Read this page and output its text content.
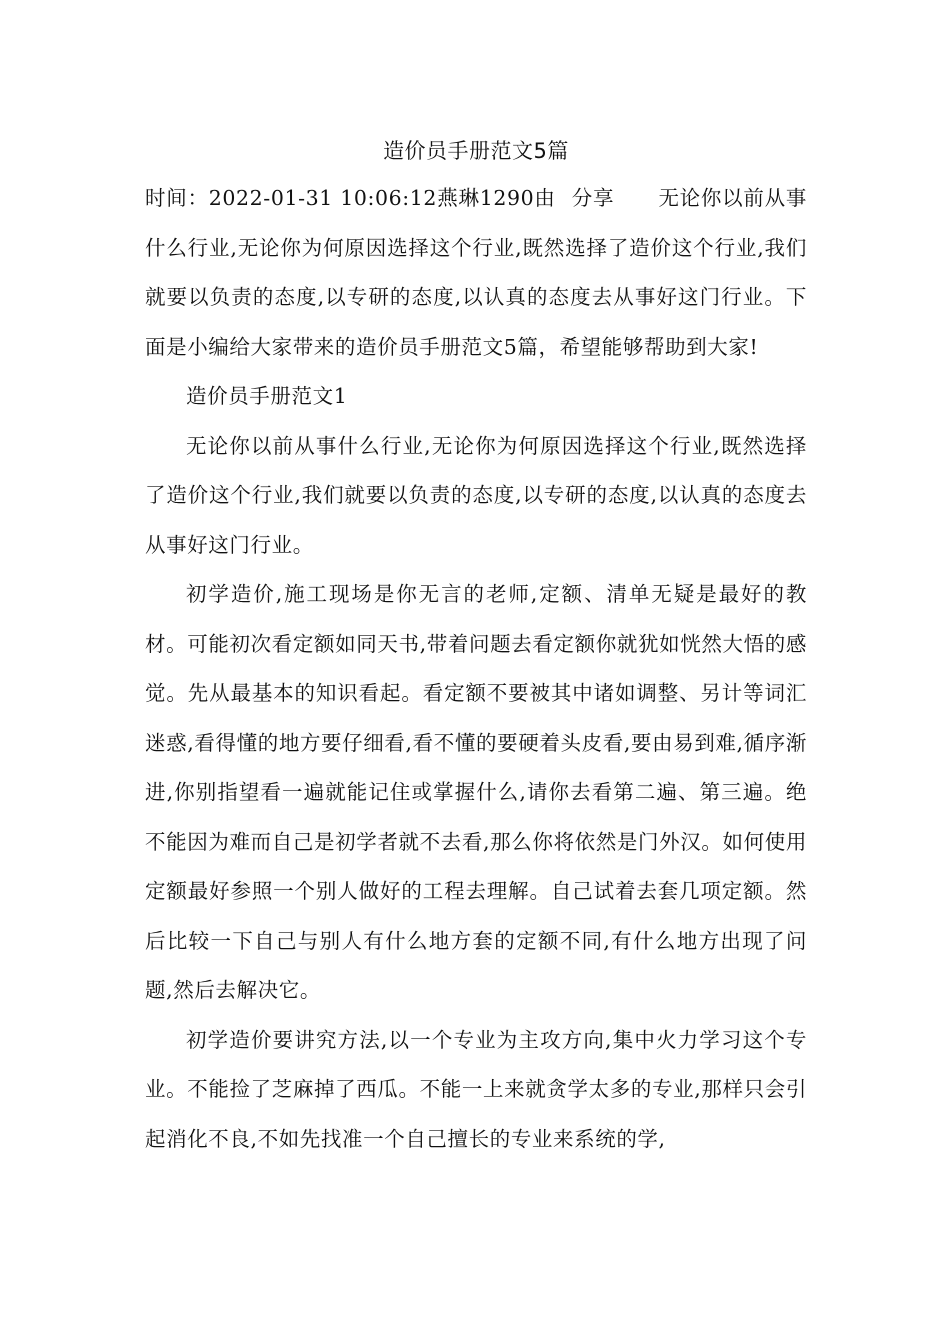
造价员手册范文5篇

时间：2022-01-31 10:06:12燕琳1290由 分享 无论你以前从事什么行业,无论你为何原因选择这个行业,既然选择了造价这个行业,我们就要以负责的态度,以专研的态度,以认真的态度去从事好这门行业。下面是小编给大家带来的造价员手册范文5篇，希望能够帮助到大家!

造价员手册范文1

无论你以前从事什么行业,无论你为何原因选择这个行业,既然选择了造价这个行业,我们就要以负责的态度,以专研的态度,以认真的态度去从事好这门行业。

初学造价,施工现场是你无言的老师,定额、清单无疑是最好的教材。可能初次看定额如同天书,带着问题去看定额你就犹如恍然大悟的感觉。先从最基本的知识看起。看定额不要被其中诸如调整、另计等词汇迷惑,看得懂的地方要仔细看,看不懂的要硬着头皮看,要由易到难,循序渐进,你别指望看一遍就能记住或掌握什么,请你去看第二遍、第三遍。绝不能因为难而自己是初学者就不去看,那么你将依然是门外汉。如何使用定额最好参照一个别人做好的工程去理解。自己试着去套几项定额。然后比较一下自己与别人有什么地方套的定额不同,有什么地方出现了问题,然后去解决它。

初学造价要讲究方法,以一个专业为主攻方向,集中火力学习这个专业。不能捡了芝麻掉了西瓜。不能一上来就贪学太多的专业,那样只会引起消化不良,不如先找准一个自己擅长的专业来系统的学,
